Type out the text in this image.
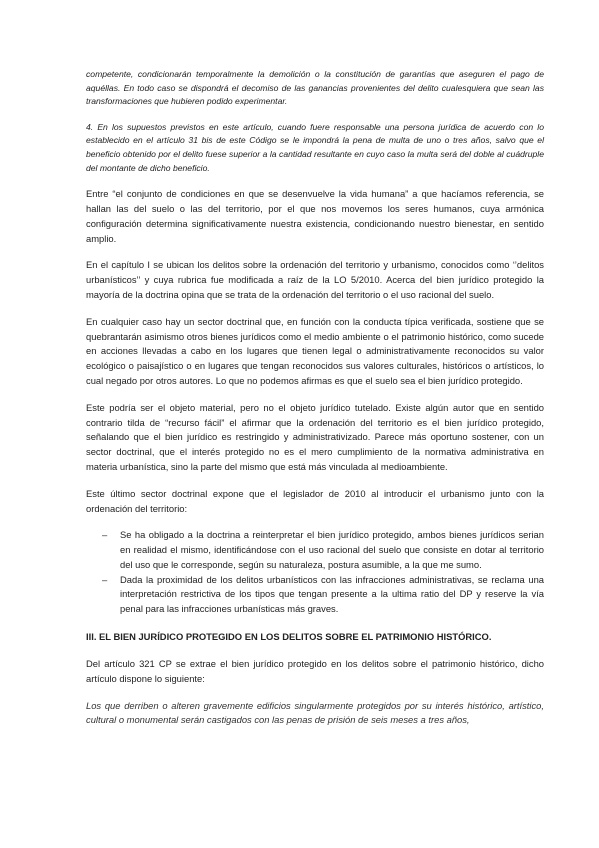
competente, condicionarán temporalmente la demolición o la constitución de garantías que aseguren el pago de aquéllas. En todo caso se dispondrá el decomiso de las ganancias provenientes del delito cualesquiera que sean las transformaciones que hubieren podido experimentar.

4. En los supuestos previstos en este artículo, cuando fuere responsable una persona jurídica de acuerdo con lo establecido en el artículo 31 bis de este Código se le impondrá la pena de multa de uno o tres años, salvo que el beneficio obtenido por el delito fuese superior a la cantidad resultante en cuyo caso la multa será del doble al cuádruple del montante de dicho beneficio.

Entre “el conjunto de condiciones en que se desenvuelve la vida humana” a que hacíamos referencia, se hallan las del suelo o las del territorio, por el que nos movemos los seres humanos, cuya armónica configuración determina significativamente nuestra existencia, condicionando nuestro bienestar, en sentido amplio.

En el capítulo I se ubican los delitos sobre la ordenación del territorio y urbanismo, conocidos como ‘’delitos urbanísticos’’ y cuya rubrica fue modificada a raíz de la LO 5/2010. Acerca del bien jurídico protegido la mayoría de la doctrina opina que se trata de la ordenación del territorio o el uso racional del suelo.

En cualquier caso hay un sector doctrinal que, en función con la conducta típica verificada, sostiene que se quebrantarán asimismo otros bienes jurídicos como el medio ambiente o el patrimonio histórico, como sucede en acciones llevadas a cabo en los lugares que tienen legal o administrativamente reconocidos su valor ecológico o paisajístico o en lugares que tengan reconocidos sus valores culturales, históricos o artísticos, lo cual negado por otros autores. Lo que no podemos afirmas es que el suelo sea el bien jurídico protegido.

Este podría ser el objeto material, pero no el objeto jurídico tutelado. Existe algún autor que en sentido contrario tilda de “recurso fácil” el afirmar que la ordenación del territorio es el bien jurídico protegido, señalando que el bien jurídico es restringido y administrativizado. Parece más oportuno sostener, con un sector doctrinal, que el interés protegido no es el mero cumplimiento de la normativa administrativa en materia urbanística, sino la parte del mismo que está más vinculada al medioambiente.

Este último sector doctrinal expone que el legislador de 2010 al introducir el urbanismo junto con la ordenación del territorio:

– Se ha obligado a la doctrina a reinterpretar el bien jurídico protegido, ambos bienes jurídicos serian en realidad el mismo, identificándose con el uso racional del suelo que consiste en dotar al territorio del uso que le corresponde, según su naturaleza, postura asumible, a la que me sumo.
– Dada la proximidad de los delitos urbanísticos con las infracciones administrativas, se reclama una interpretación restrictiva de los tipos que tengan presente a la ultima ratio del DP y reserve la vía penal para las infracciones urbanísticas más graves.

III. EL BIEN JURÍDICO PROTEGIDO EN LOS DELITOS SOBRE EL PATRIMONIO HISTÓRICO.

Del artículo 321 CP se extrae el bien jurídico protegido en los delitos sobre el patrimonio histórico, dicho artículo dispone lo siguiente:

Los que derriben o alteren gravemente edificios singularmente protegidos por su interés histórico, artístico, cultural o monumental serán castigados con las penas de prisión de seis meses a tres años,
